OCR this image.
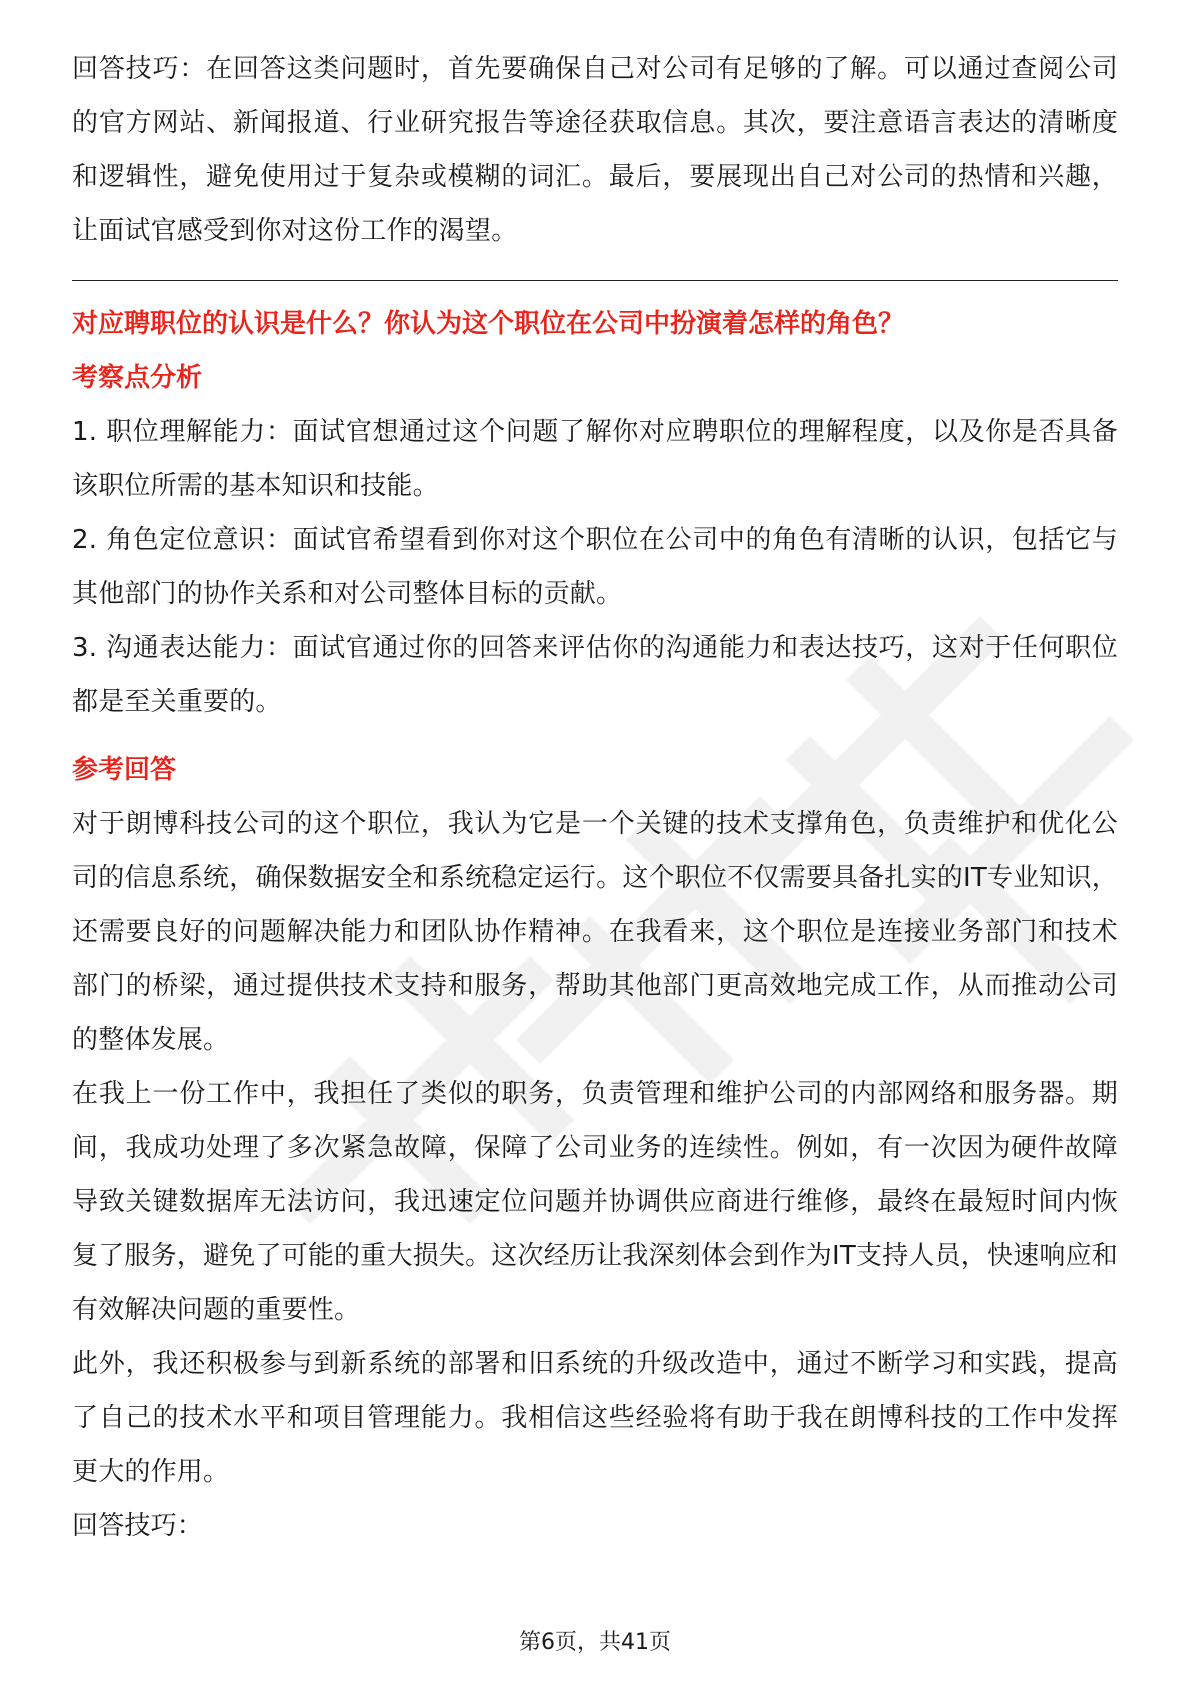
回答技巧：在回答这类问题时，首先要确保自己对公司有足够的了解。可以通过查阅公司的官方网站、新闻报道、行业研究报告等途径获取信息。其次，要注意语言表达的清晰度和逻辑性，避免使用过于复杂或模糊的词汇。最后，要展现出自己对公司的热情和兴趣，让面试官感受到你对这份工作的渴望。

对应聘职位的认识是什么？你认为这个职位在公司中扮演着怎样的角色？

考察点分析

1. 职位理解能力：面试官想通过这个问题了解你对应聘职位的理解程度，以及你是否具备该职位所需的基本知识和技能。

2. 角色定位意识：面试官希望看到你对这个职位在公司中的角色有清晰的认识，包括它与其他部门的协作关系和对公司整体目标的贡献。

3. 沟通表达能力：面试官通过你的回答来评估你的沟通能力和表达技巧，这对于任何职位都是至关重要的。

参考回答

对于朗博科技公司的这个职位，我认为它是一个关键的技术支撑角色，负责维护和优化公司的信息系统，确保数据安全和系统稳定运行。这个职位不仅需要具备扎实的IT专业知识，还需要良好的问题解决能力和团队协作精神。在我看来，这个职位是连接业务部门和技术部门的桥梁，通过提供技术支持和服务，帮助其他部门更高效地完成工作，从而推动公司的整体发展。

在我上一份工作中，我担任了类似的职务，负责管理和维护公司的内部网络和服务器。期间，我成功处理了多次紧急故障，保障了公司业务的连续性。例如，有一次因为硬件故障导致关键数据库无法访问，我迅速定位问题并协调供应商进行维修，最终在最短时间内恢复了服务，避免了可能的重大损失。这次经历让我深刻体会到作为IT支持人员，快速响应和有效解决问题的重要性。

此外，我还积极参与到新系统的部署和旧系统的升级改造中，通过不断学习和实践，提高了自己的技术水平和项目管理能力。我相信这些经验将有助于我在朗博科技的工作中发挥更大的作用。

回答技巧：

第6页，共41页
